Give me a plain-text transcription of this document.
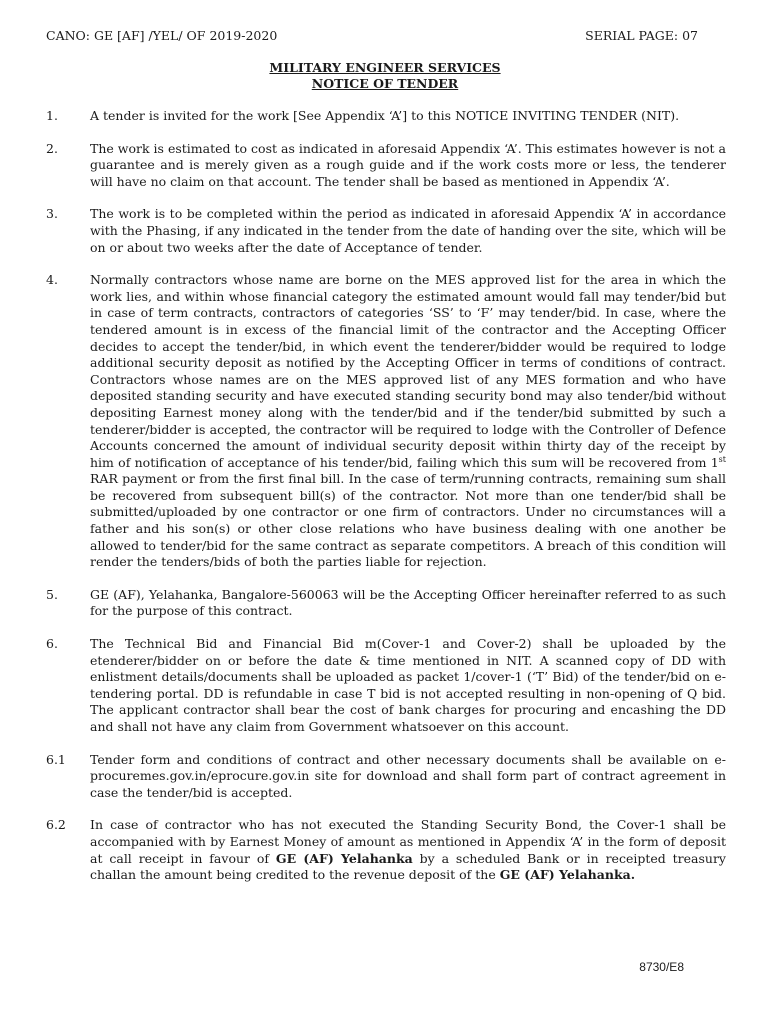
CANO: GE [AF] /YEL/ OF 2019-2020	SERIAL PAGE: 07
MILITARY ENGINEER SERVICES
NOTICE OF TENDER
1.	A tender is invited for the work [See Appendix ‘A’] to this NOTICE INVITING TENDER (NIT).
2.	The work is estimated to cost as indicated in aforesaid Appendix ‘A’. This estimates however is not a guarantee and is merely given as a rough guide and if the work costs more or less, the tenderer will have no claim on that account. The tender shall be based as mentioned in Appendix ‘A’.
3.	The work is to be completed within the period as indicated in aforesaid Appendix ‘A’ in accordance with the Phasing, if any indicated in the tender from the date of handing over the site, which will be on or about two weeks after the date of Acceptance of tender.
4.	Normally contractors whose name are borne on the MES approved list for the area in which the work lies, and within whose financial category the estimated amount would fall may tender/bid but in case of term contracts, contractors of categories ‘SS’ to ‘F’ may tender/bid. In case, where the tendered amount is in excess of the financial limit of the contractor and the Accepting Officer decides to accept the tender/bid, in which event the tenderer/bidder would be required to lodge additional security deposit as notified by the Accepting Officer in terms of conditions of contract. Contractors whose names are on the MES approved list of any MES formation and who have deposited standing security and have executed standing security bond may also tender/bid without depositing Earnest money along with the tender/bid and if the tender/bid submitted by such a tenderer/bidder is accepted, the contractor will be required to lodge with the Controller of Defence Accounts concerned the amount of individual security deposit within thirty day of the receipt by him of notification of acceptance of his tender/bid, failing which this sum will be recovered from 1st RAR payment or from the first final bill. In the case of term/running contracts, remaining sum shall be recovered from subsequent bill(s) of the contractor. Not more than one tender/bid shall be submitted/uploaded by one contractor or one firm of contractors. Under no circumstances will a father and his son(s) or other close relations who have business dealing with one another be allowed to tender/bid for the same contract as separate competitors. A breach of this condition will render the tenders/bids of both the parties liable for rejection.
5.	GE (AF), Yelahanka, Bangalore-560063 will be the Accepting Officer hereinafter referred to as such for the purpose of this contract.
6.	The Technical Bid and Financial Bid m(Cover-1 and Cover-2) shall be uploaded by the etenderer/bidder on or before the date & time mentioned in NIT. A scanned copy of DD with enlistment details/documents shall be uploaded as packet 1/cover-1 (‘T’ Bid) of the tender/bid on e-tendering portal. DD is refundable in case T bid is not accepted resulting in non-opening of Q bid. The applicant contractor shall bear the cost of bank charges for procuring and encashing the DD and shall not have any claim from Government whatsoever on this account.
6.1	Tender form and conditions of contract and other necessary documents shall be available on e-procuremes.gov.in/eprocure.gov.in site for download and shall form part of contract agreement in case the tender/bid is accepted.
6.2	In case of contractor who has not executed the Standing Security Bond, the Cover-1 shall be accompanied with by Earnest Money of amount as mentioned in Appendix ‘A’ in the form of deposit at call receipt in favour of GE (AF) Yelahanka by a scheduled Bank or in receipted treasury challan the amount being credited to the revenue deposit of the GE (AF) Yelahanka.
8730/E8
